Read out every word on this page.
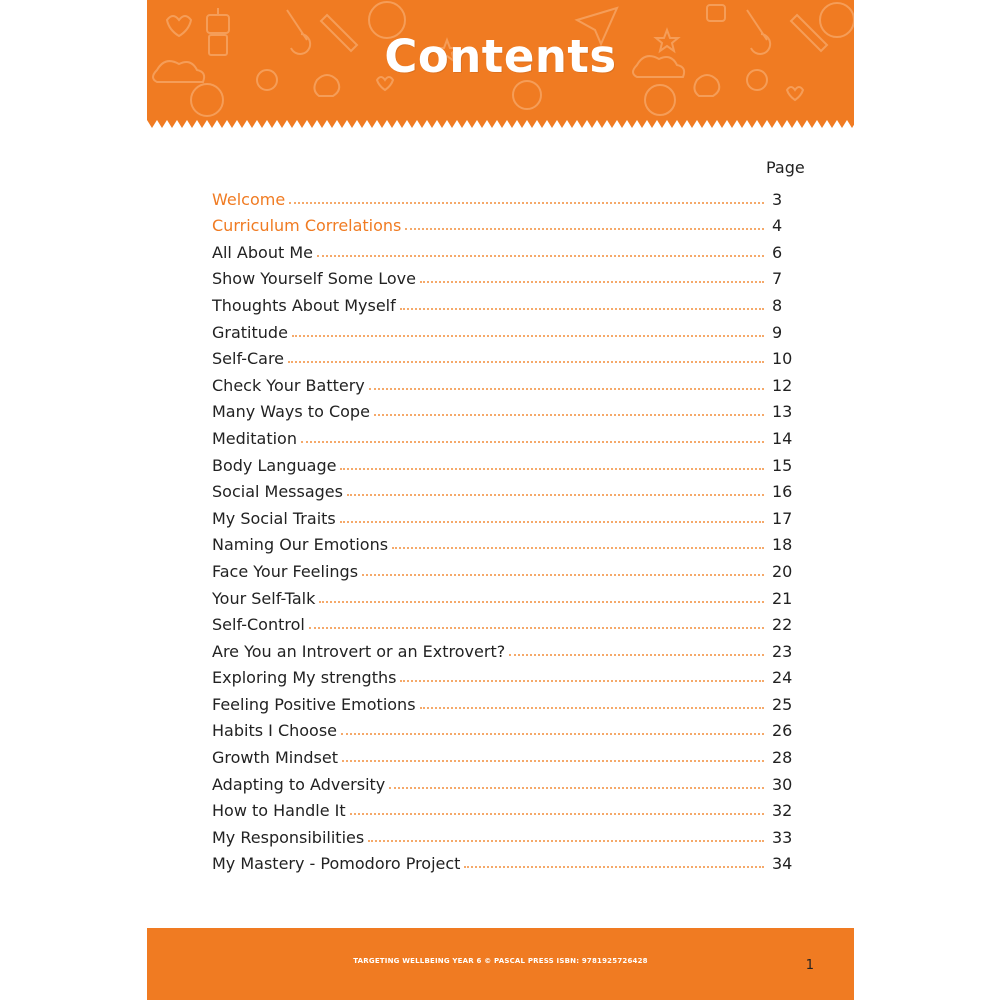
Contents
Page
Welcome	3
Curriculum Correlations	4
All About Me	6
Show Yourself Some Love	7
Thoughts About Myself	8
Gratitude	9
Self-Care	10
Check Your Battery	12
Many Ways to Cope	13
Meditation	14
Body Language	15
Social Messages	16
My Social Traits	17
Naming Our Emotions	18
Face Your Feelings	20
Your Self-Talk	21
Self-Control	22
Are You an Introvert or an Extrovert?	23
Exploring My strengths	24
Feeling Positive Emotions	25
Habits I Choose	26
Growth Mindset	28
Adapting to Adversity	30
How to Handle It	32
My Responsibilities	33
My Mastery - Pomodoro Project	34
TARGETING WELLBEING YEAR 6 © PASCAL PRESS ISBN: 9781925726428	1
